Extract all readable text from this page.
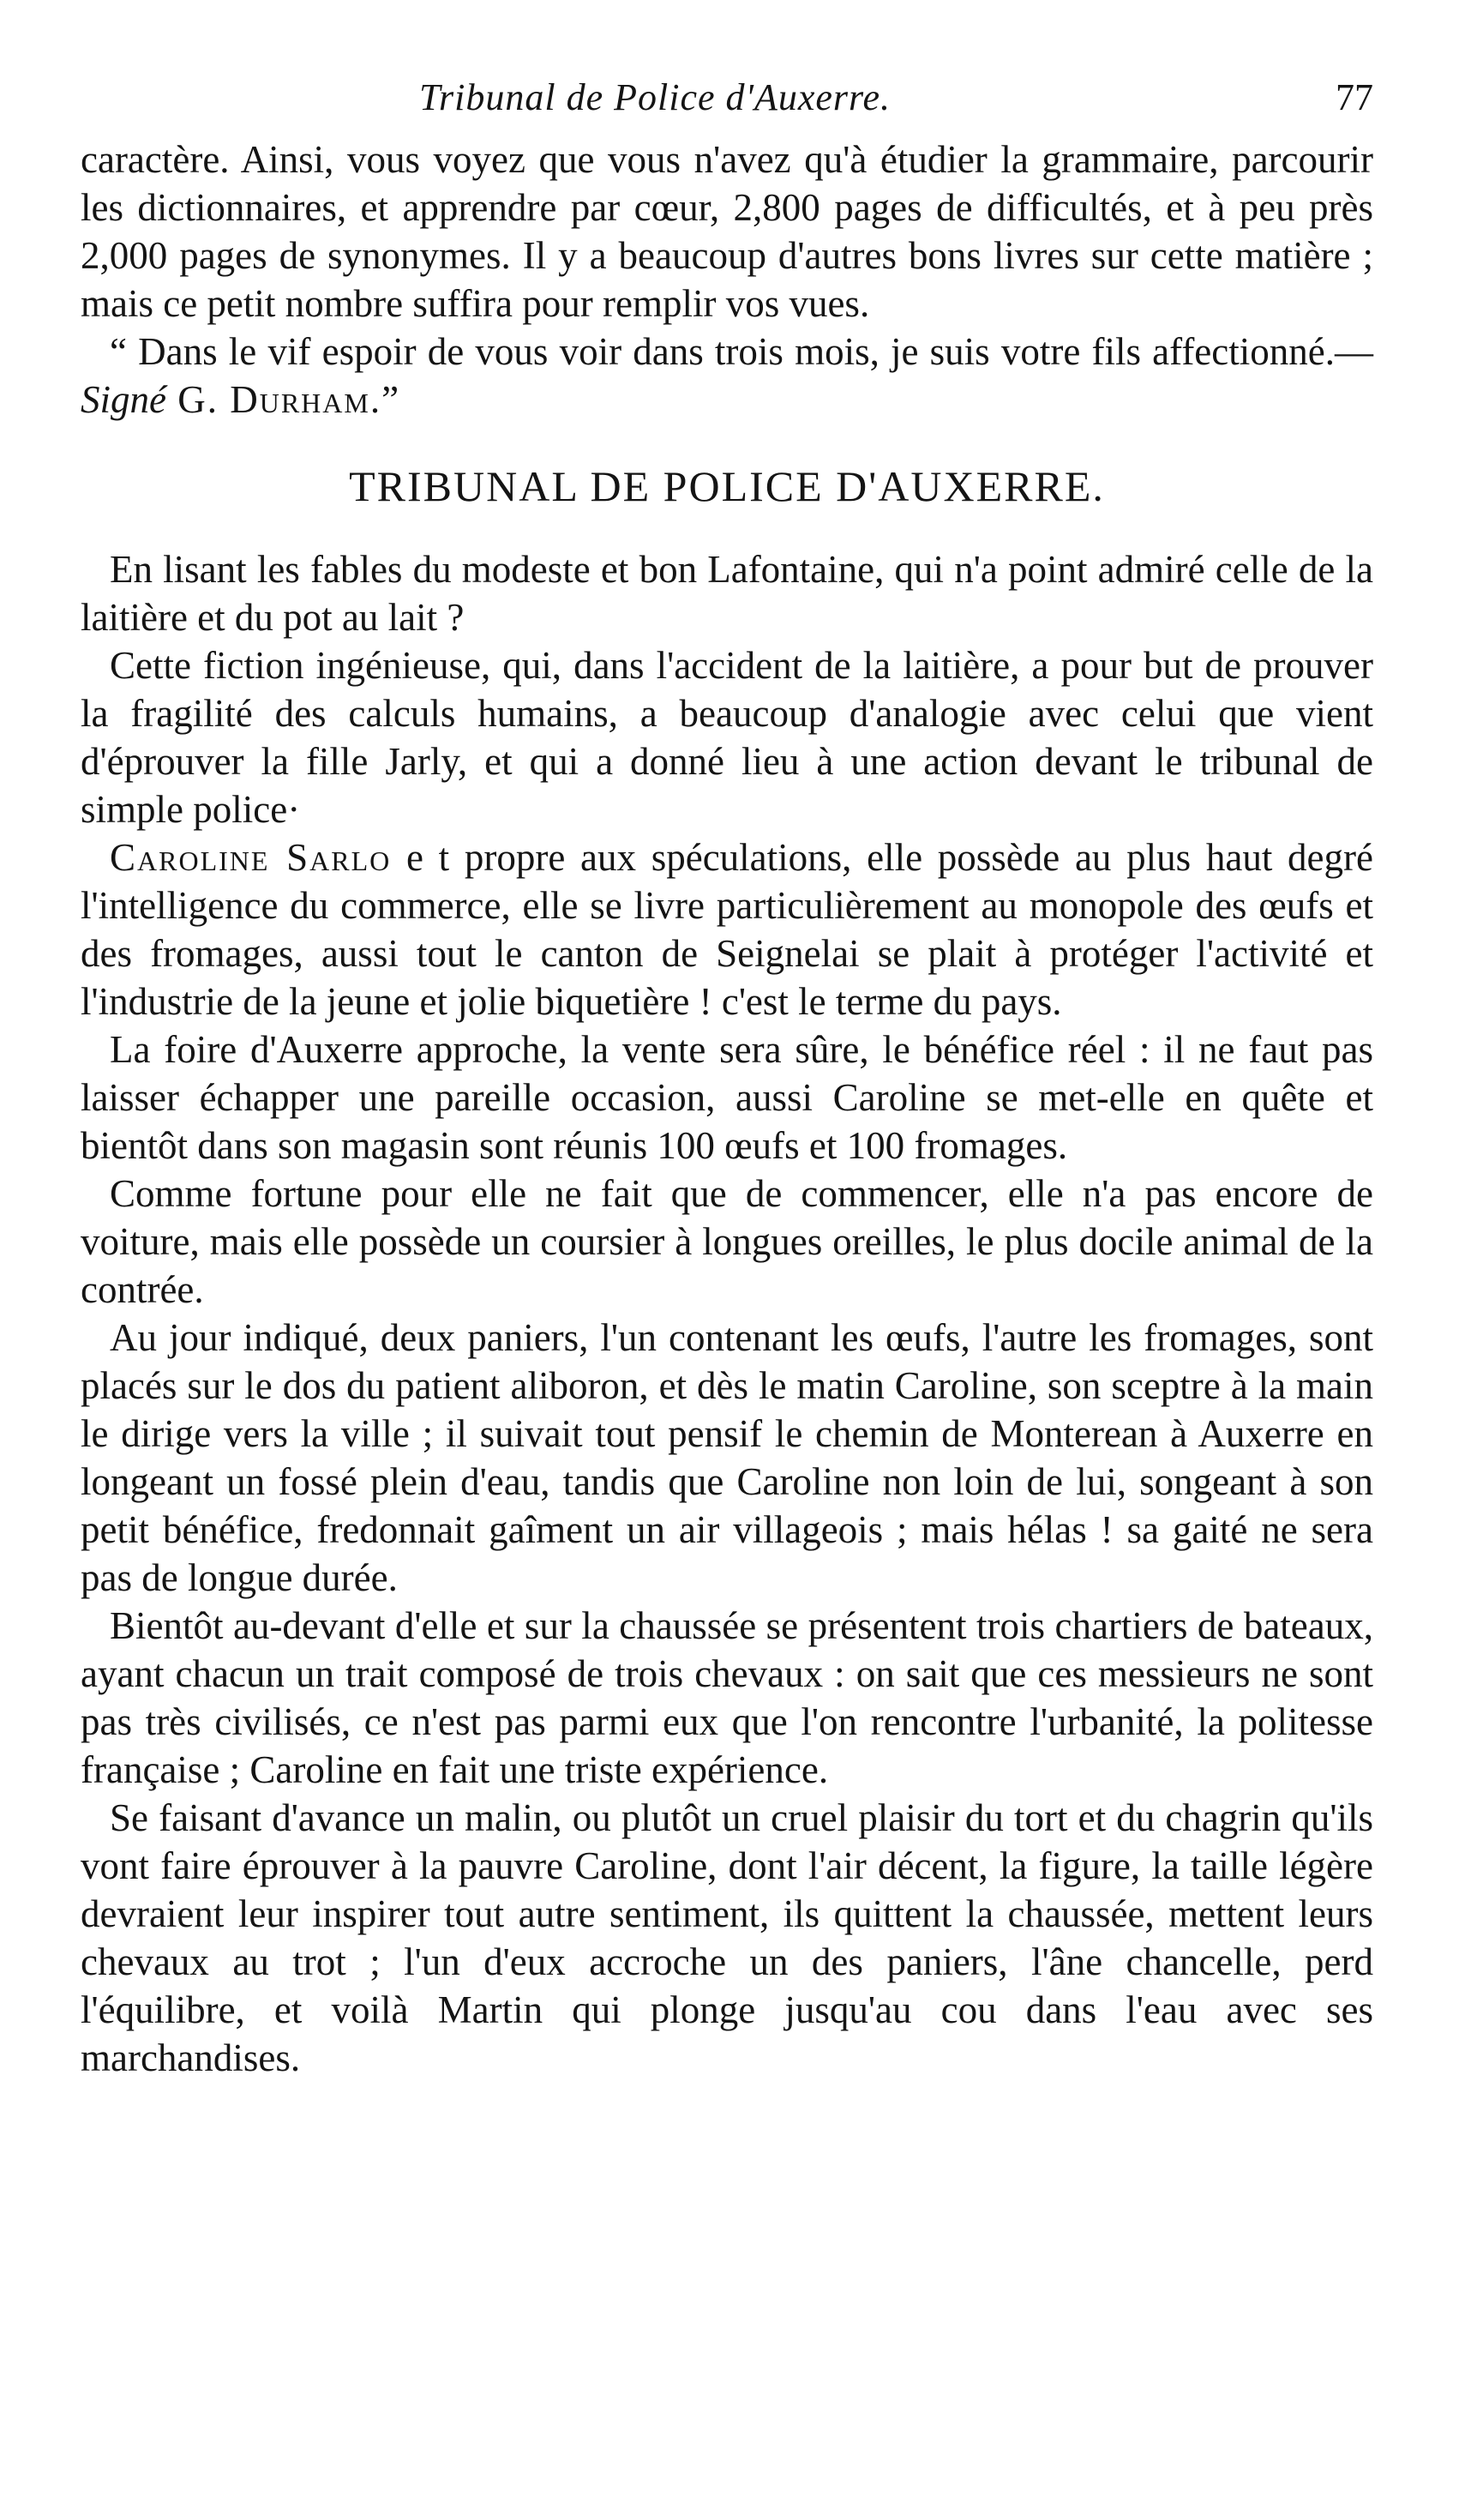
Tribunal de Police d'Auxerre.	77

caractère. Ainsi, vous voyez que vous n'avez qu'à étudier la grammaire, parcourir les dictionnaires, et apprendre par cœur, 2,800 pages de difficultés, et à peu près 2,000 pages de synonymes. Il y a beaucoup d'autres bons livres sur cette matière ; mais ce petit nombre suffira pour remplir vos vues.

“ Dans le vif espoir de vous voir dans trois mois, je suis votre fils affectionné.—Signé G. Durham.”

TRIBUNAL DE POLICE D'AUXERRE.

En lisant les fables du modeste et bon Lafontaine, qui n'a point admiré celle de la laitière et du pot au lait ?

Cette fiction ingénieuse, qui, dans l'accident de la laitière, a pour but de prouver la fragilité des calculs humains, a beaucoup d'analogie avec celui que vient d'éprouver la fille Jarly, et qui a donné lieu à une action devant le tribunal de simple police·

Caroline Sarlo e t propre aux spéculations, elle possède au plus haut degré l'intelligence du commerce, elle se livre particulièrement au monopole des œufs et des fromages, aussi tout le canton de Seignelai se plait à protéger l'activité et l'industrie de la jeune et jolie biquetière ! c'est le terme du pays.

La foire d'Auxerre approche, la vente sera sûre, le bénéfice réel : il ne faut pas laisser échapper une pareille occasion, aussi Caroline se met-elle en quête et bientôt dans son magasin sont réunis 100 œufs et 100 fromages.

Comme fortune pour elle ne fait que de commencer, elle n'a pas encore de voiture, mais elle possède un coursier à longues oreilles, le plus docile animal de la contrée.

Au jour indiqué, deux paniers, l'un contenant les œufs, l'autre les fromages, sont placés sur le dos du patient aliboron, et dès le matin Caroline, son sceptre à la main le dirige vers la ville ; il suivait tout pensif le chemin de Monterean à Auxerre en longeant un fossé plein d'eau, tandis que Caroline non loin de lui, songeant à son petit bénéfice, fredonnait gaîment un air villageois ; mais hélas ! sa gaité ne sera pas de longue durée.

Bientôt au-devant d'elle et sur la chaussée se présentent trois chartiers de bateaux, ayant chacun un trait composé de trois chevaux : on sait que ces messieurs ne sont pas très civilisés, ce n'est pas parmi eux que l'on rencontre l'urbanité, la politesse française ; Caroline en fait une triste expérience.

Se faisant d'avance un malin, ou plutôt un cruel plaisir du tort et du chagrin qu'ils vont faire éprouver à la pauvre Caroline, dont l'air décent, la figure, la taille légère devraient leur inspirer tout autre sentiment, ils quittent la chaussée, mettent leurs chevaux au trot ; l'un d'eux accroche un des paniers, l'âne chancelle, perd l'équilibre, et voilà Martin qui plonge jusqu'au cou dans l'eau avec ses marchandises.
